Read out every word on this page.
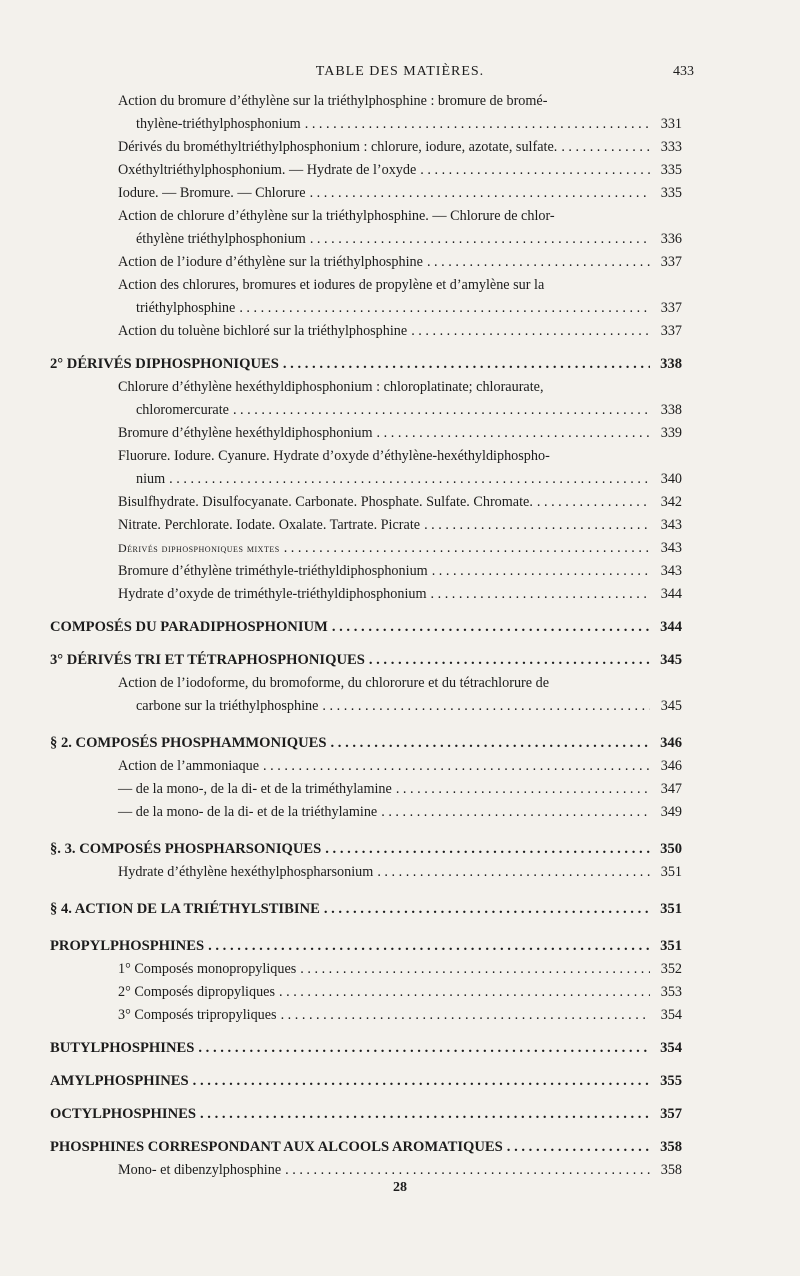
TABLE DES MATIÈRES.	433
Action du bromure d’éthylène sur la triéthylphosphine : bromure de bromé-
thylène-triéthylphosphonium . . .	331
Dérivés du brométhyltriéthylphosphonium : chlorure, iodure, azotate, sulfate. . . .	333
Oxéthyltriéthylphosphonium. — Hydrate de l’oxyde . . .	335
Iodure. — Bromure. — Chlorure . . .	335
Action de chlorure d’éthylène sur la triéthylphosphine. — Chlorure de chlor-
éthylène triéthylphosphonium . . .	336
Action de l’iodure d’éthylène sur la triéthylphosphine . . .	337
Action des chlorures, bromures et iodures de propylène et d’amylène sur la
triéthylphosphine . . .	337
Action du toluène bichloré sur la triéthylphosphine . . .	337
2° DÉRIVÉS DIPHOSPHONIQUES . . .	338
Chlorure d’éthylène hexéthyldiphosphonium : chloroplatinate; chloraurate,
chloromercurate . . .	338
Bromure d’éthylène hexéthyldiphosphonium . . .	339
Fluorure. Iodure. Cyanure. Hydrate d’oxyde d’éthylène-hexéthyldiphospho-
nium . . .	340
Bisulfhydrate. Disulfocyanate. Carbonate. Phosphate. Sulfate. Chromate. . . .	342
Nitrate. Perchlorate. Iodate. Oxalate. Tartrate. Picrate . . .	343
Dérivés diphosphoniques mixtes . . .	343
Bromure d’éthylène triméthyle-triéthyldiphosphonium . . .	343
Hydrate d’oxyde de triméthyle-triéthyldiphosphonium . . .	344
COMPOSÉS DU PARADIPHOSPHONIUM . . .	344
3° DÉRIVÉS TRI ET TÉTRAPHOSPHONIQUES . . .	345
Action de l’iodoforme, du bromoforme, du chlororure et du tétrachlorure de
carbone sur la triéthylphosphine . . .	345
§ 2. COMPOSÉS PHOSPHAMMONIQUES . . .	346
Action de l’ammoniaque . . .	346
— de la mono-, de la di- et de la triméthylamine . . .	347
— de la mono- de la di- et de la triéthylamine . . .	349
§. 3. COMPOSÉS PHOSPHARSONIQUES . . .	350
Hydrate d’éthylène hexéthylphospharsonium . . .	351
§ 4. ACTION DE LA TRIÉTHYLSTIBINE . . .	351
PROPYLPHOSPHINES . . .	351
1° Composés monopropyliques . . .	352
2° Composés dipropyliques . . .	353
3° Composés tripropyliques . . .	354
BUTYLPHOSPHINES . . .	354
AMYLPHOSPHINES . . .	355
OCTYLPHOSPHINES . . .	357
PHOSPHINES CORRESPONDANT AUX ALCOOLS AROMATIQUES . . .	358
Mono- et dibenzylphosphine . . .	358
28
